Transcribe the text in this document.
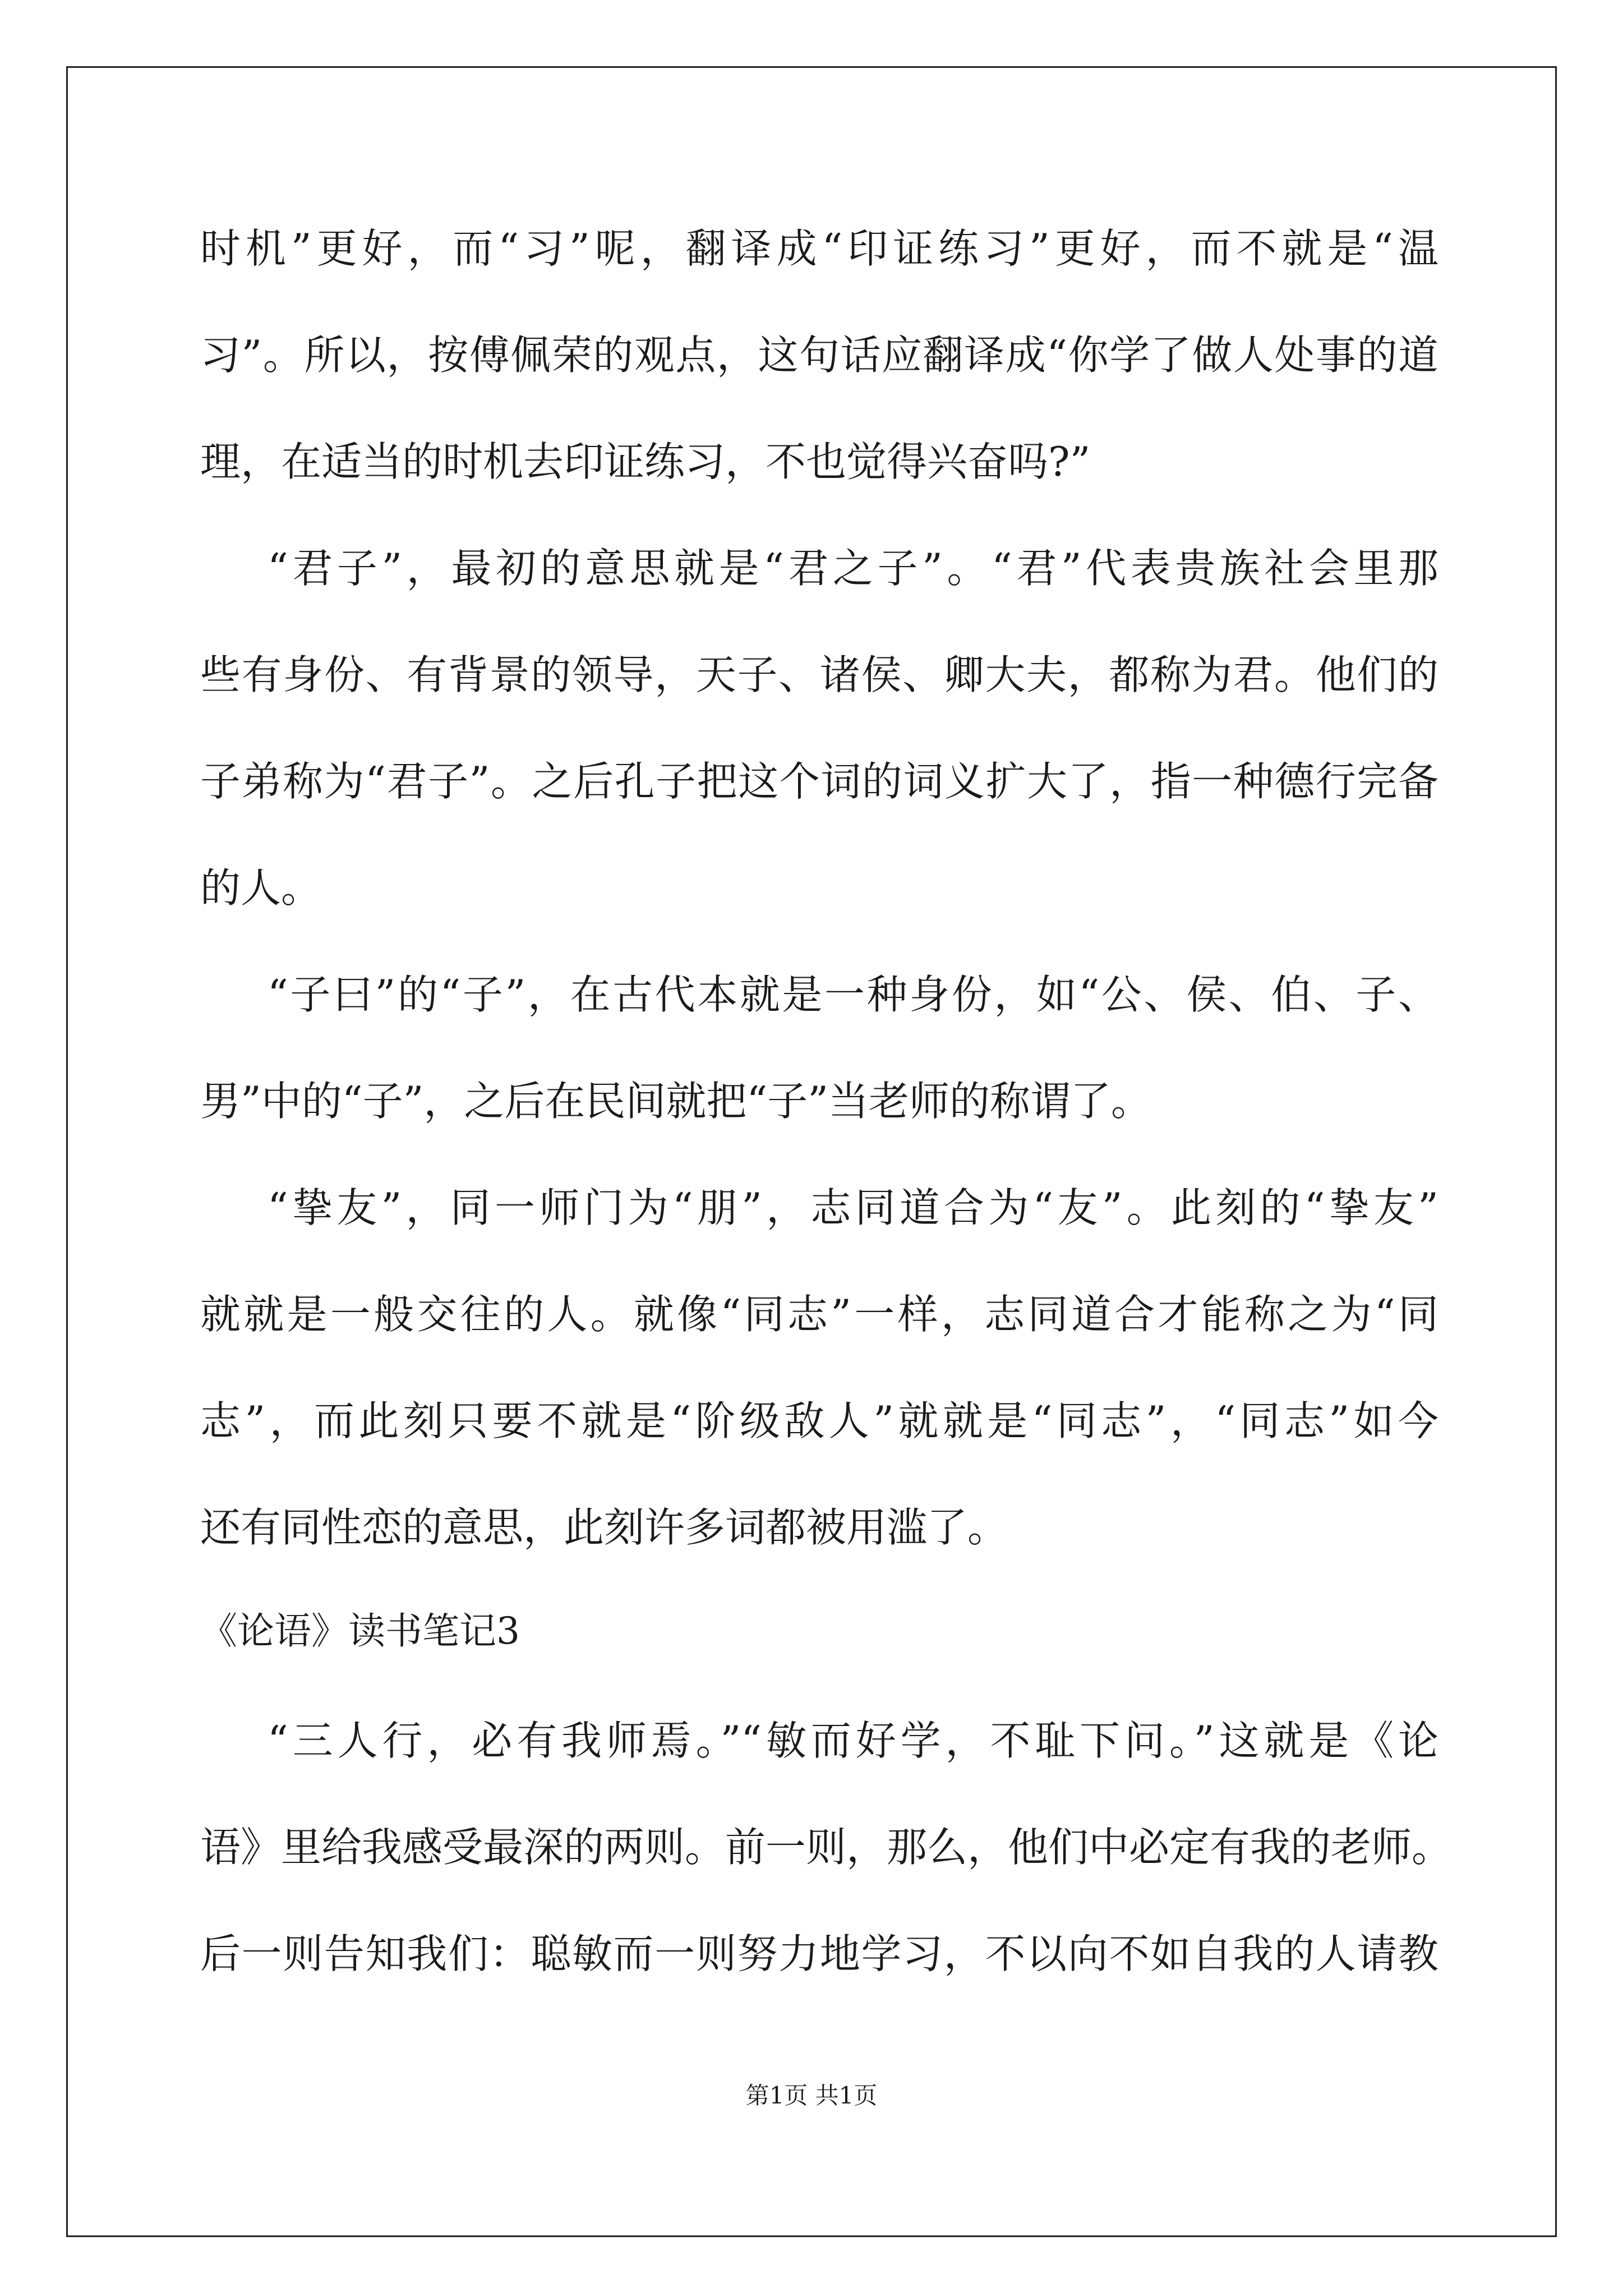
时机”更好，而“习”呢，翻译成“印证练习”更好，而不就是“温
习”。所以，按傅佩荣的观点，这句话应翻译成“你学了做人处事的道
理，在适当的时机去印证练习，不也觉得兴奋吗?”
“君子”，最初的意思就是“君之子”。“君”代表贵族社会里那
些有身份、有背景的领导，天子、诸侯、卿大夫，都称为君。他们的
子弟称为“君子”。之后孔子把这个词的词义扩大了，指一种德行完备
的人。
“子曰”的“子”，在古代本就是一种身份，如“公、侯、伯、子、
男”中的“子”，之后在民间就把“子”当老师的称谓了。
“挚友”，同一师门为“朋”，志同道合为“友”。此刻的“挚友”
就就是一般交往的人。就像“同志”一样，志同道合才能称之为“同
志”，而此刻只要不就是“阶级敌人”就就是“同志”，“同志”如今
还有同性恋的意思，此刻许多词都被用滥了。
《论语》读书笔记3
“三人行，必有我师焉。”“敏而好学，不耻下问。”这就是《论
语》里给我感受最深的两则。前一则，那么，他们中必定有我的老师。
后一则告知我们：聪敏而一则努力地学习，不以向不如自我的人请教
第1页 共1页
